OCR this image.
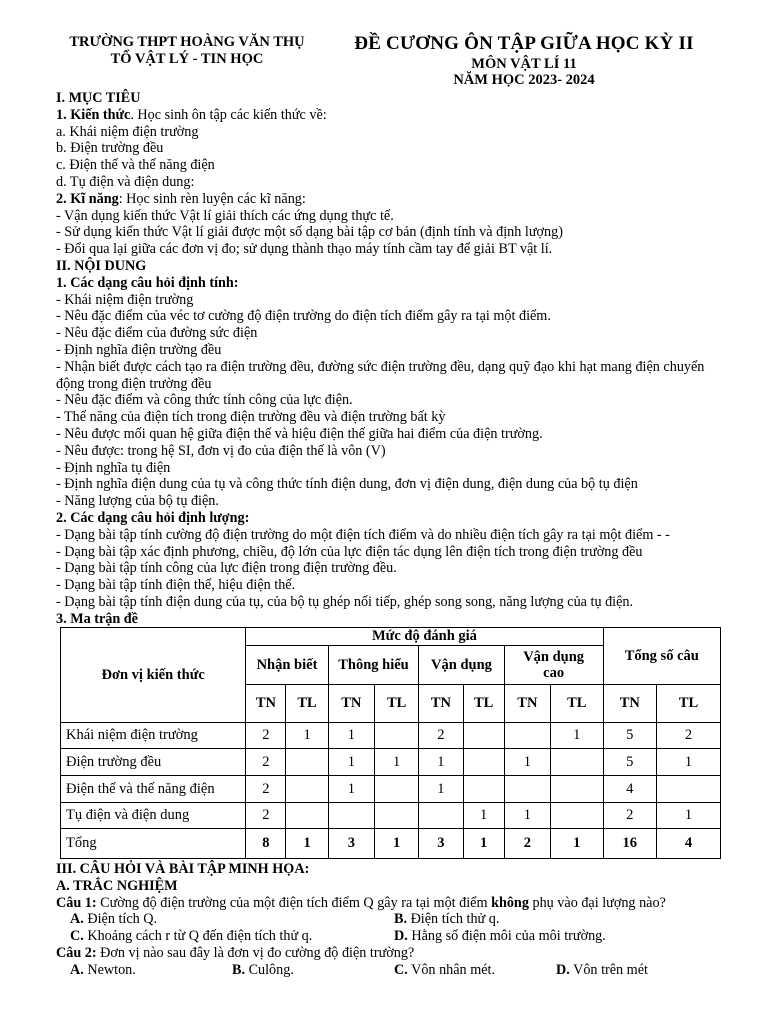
TRƯỜNG THPT HOÀNG VĂN THỤ
TỔ VẬT LÝ - TIN HỌC
ĐỀ CƯƠNG ÔN TẬP GIỮA HỌC KỲ II
MÔN VẬT LÍ 11
NĂM HỌC 2023- 2024
I. MỤC TIÊU
1. Kiến thức. Học sinh ôn tập các kiến thức về:
a. Khái niệm điện trường
b. Điện trường đều
c. Điện thế và thế năng điện
d. Tụ điện và điện dung:
2. Kĩ năng: Học sinh rèn luyện các kĩ năng:
- Vận dụng kiến thức Vật lí giải thích các ứng dụng thực tế.
- Sử dụng kiến thức Vật lí giải được một số dạng bài tập cơ bản (định tính và định lượng)
- Đổi qua lại giữa các đơn vị đo; sử dụng thành thạo máy tính cầm tay để giải BT vật lí.
II. NỘI DUNG
1. Các dạng câu hỏi định tính:
- Khái niệm điện trường
- Nêu đặc điểm của véc tơ cường độ điện trường do điện tích điểm gây ra tại một điểm.
- Nêu đặc điểm của đường sức điện
- Định nghĩa điện trường đều
- Nhận biết được cách tạo ra điện trường đều, đường sức điện trường đều, dạng quỹ đạo khi hạt mang điện chuyển động trong điện trường đều
- Nêu đặc điểm và công thức tính công của lực điện.
- Thế năng của điện tích trong điện trường đều và điện trường bất kỳ
- Nêu được mối quan hệ giữa điện thế và hiệu điện thế giữa hai điểm của điện trường.
- Nêu được: trong hệ SI, đơn vị đo của điện thế là vôn (V)
- Định nghĩa tụ điện
- Định nghĩa điện dung của tụ và công thức tính điện dung, đơn vị điện dung, điện dung của bộ tụ điện
- Năng lượng của bộ tụ điện.
2. Các dạng câu hỏi định lượng:
- Dạng bài tập tính cường độ điện trường do một điện tích điểm và do nhiều điện tích gây ra tại một điểm - -
- Dạng bài tập xác định phương, chiều, độ lớn của lực điện tác dụng lên điện tích trong điện trường đều
- Dạng bài tập tính công của lực điện trong điện trường đều.
- Dạng bài tập tính điện thế, hiệu điện thế.
- Dạng bài tập tính điện dung của tụ, của bộ tụ ghép nối tiếp, ghép song song, năng lượng của tụ điện.
3. Ma trận đề
Đơn vị kiến thức	Mức độ đánh giá								Tổng số câu	
	Nhận biết		Thông hiểu		Vận dụng		Vận dụng cao			
	TN	TL	TN	TL	TN	TL	TN	TL	TN	TL
Khái niệm điện trường	2	1	1		2			1	5	2
Điện trường đều	2		1	1	1		1		5	1
Điện thế và thế năng điện	2		1		1				4	
Tụ điện và điện dung	2					1	1		2	1
Tổng	8	1	3	1	3	1	2	1	16	4
III. CÂU HỎI VÀ BÀI TẬP MINH HỌA:
A. TRẮC NGHIỆM
Câu 1: Cường độ điện trường của một điện tích điểm Q gây ra tại một điểm không phụ vào đại lượng nào?
A. Điện tích Q.	B. Điện tích thử q.
C. Khoảng cách r từ Q đến điện tích thử q.	D. Hằng số điện môi của môi trường.
Câu 2: Đơn vị nào sau đây là đơn vị đo cường độ điện trường?
A. Newton.	B. Culông.	C. Vôn nhân mét.	D. Vôn trên mét
